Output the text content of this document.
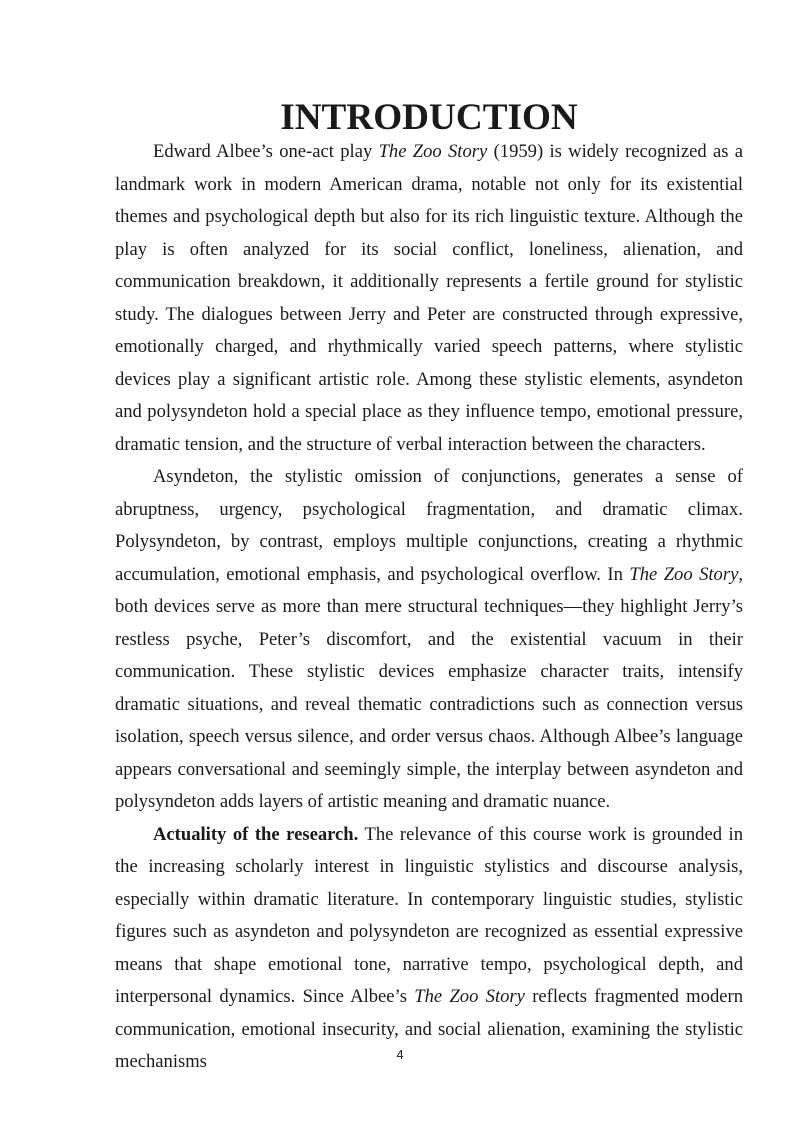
INTRODUCTION

Edward Albee’s one-act play The Zoo Story (1959) is widely recognized as a landmark work in modern American drama, notable not only for its existential themes and psychological depth but also for its rich linguistic texture. Although the play is often analyzed for its social conflict, loneliness, alienation, and communication breakdown, it additionally represents a fertile ground for stylistic study. The dialogues between Jerry and Peter are constructed through expressive, emotionally charged, and rhythmically varied speech patterns, where stylistic devices play a significant artistic role. Among these stylistic elements, asyndeton and polysyndeton hold a special place as they influence tempo, emotional pressure, dramatic tension, and the structure of verbal interaction between the characters.

Asyndeton, the stylistic omission of conjunctions, generates a sense of abruptness, urgency, psychological fragmentation, and dramatic climax. Polysyndeton, by contrast, employs multiple conjunctions, creating a rhythmic accumulation, emotional emphasis, and psychological overflow. In The Zoo Story, both devices serve as more than mere structural techniques—they highlight Jerry’s restless psyche, Peter’s discomfort, and the existential vacuum in their communication. These stylistic devices emphasize character traits, intensify dramatic situations, and reveal thematic contradictions such as connection versus isolation, speech versus silence, and order versus chaos. Although Albee’s language appears conversational and seemingly simple, the interplay between asyndeton and polysyndeton adds layers of artistic meaning and dramatic nuance.

Actuality of the research. The relevance of this course work is grounded in the increasing scholarly interest in linguistic stylistics and discourse analysis, especially within dramatic literature. In contemporary linguistic studies, stylistic figures such as asyndeton and polysyndeton are recognized as essential expressive means that shape emotional tone, narrative tempo, psychological depth, and interpersonal dynamics. Since Albee’s The Zoo Story reflects fragmented modern communication, emotional insecurity, and social alienation, examining the stylistic mechanisms	4
